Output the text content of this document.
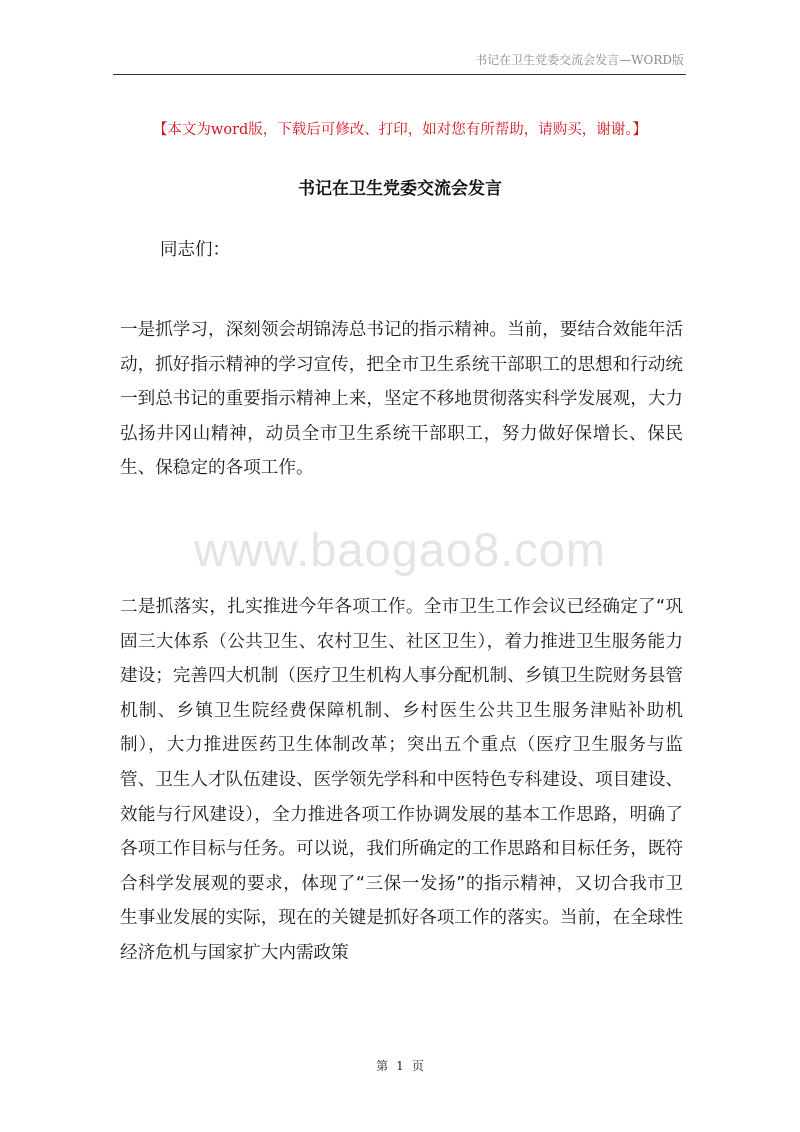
书记在卫生党委交流会发言—WORD版
【本文为word版，下载后可修改、打印，如对您有所帮助，请购买，谢谢。】
书记在卫生党委交流会发言
同志们：

一是抓学习，深刻领会胡锦涛总书记的指示精神。当前，要结合效能年活动，抓好指示精神的学习宣传，把全市卫生系统干部职工的思想和行动统一到总书记的重要指示精神上来，坚定不移地贯彻落实科学发展观，大力弘扬井冈山精神，动员全市卫生系统干部职工，努力做好保增长、保民生、保稳定的各项工作。

www.baogao8.com

二是抓落实，扎实推进今年各项工作。全市卫生工作会议已经确定了“巩固三大体系（公共卫生、农村卫生、社区卫生），着力推进卫生服务能力建设；完善四大机制（医疗卫生机构人事分配机制、乡镇卫生院财务县管机制、乡镇卫生院经费保障机制、乡村医生公共卫生服务津贴补助机制），大力推进医药卫生体制改革；突出五个重点（医疗卫生服务与监管、卫生人才队伍建设、医学领先学科和中医特色专科建设、项目建设、效能与行风建设），全力推进各项工作协调发展的基本工作思路，明确了各项工作目标与任务。可以说，我们所确定的工作思路和目标任务，既符合科学发展观的要求，体现了“三保一发扬”的指示精神，又切合我市卫生事业发展的实际，现在的关键是抓好各项工作的落实。当前，在全球性经济危机与国家扩大内需政策

第 1 页
